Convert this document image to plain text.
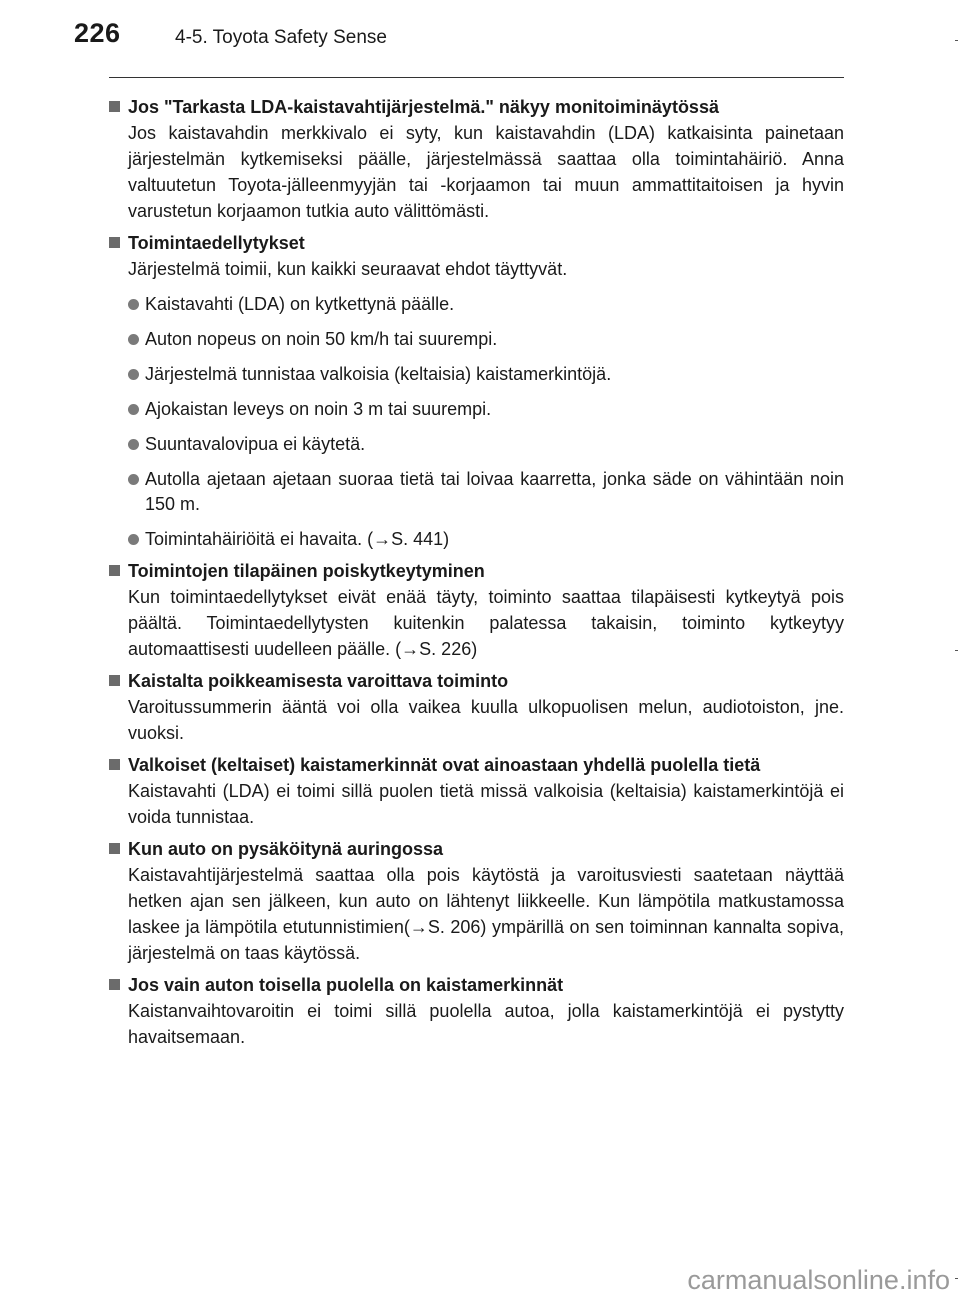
226	4-5. Toyota Safety Sense
Jos "Tarkasta LDA-kaistavahtijärjestelmä." näkyy monitoiminäytössä
Jos kaistavahdin merkkivalo ei syty, kun kaistavahdin (LDA) katkaisinta painetaan järjestelmän kytkemiseksi päälle, järjestelmässä saattaa olla toimintahäiriö. Anna valtuutetun Toyota-jälleenmyyjän tai -korjaamon tai muun ammattitaitoisen ja hyvin varustetun korjaamon tutkia auto välittömästi.
Toimintaedellytykset
Järjestelmä toimii, kun kaikki seuraavat ehdot täyttyvät.
Kaistavahti (LDA) on kytkettynä päälle.
Auton nopeus on noin 50 km/h tai suurempi.
Järjestelmä tunnistaa valkoisia (keltaisia) kaistamerkintöjä.
Ajokaistan leveys on noin 3 m tai suurempi.
Suuntavalovipua ei käytetä.
Autolla ajetaan ajetaan suoraa tietä tai loivaa kaarretta, jonka säde on vähintään noin 150 m.
Toimintahäiriöitä ei havaita. (→S. 441)
Toimintojen tilapäinen poiskytkeytyminen
Kun toimintaedellytykset eivät enää täyty, toiminto saattaa tilapäisesti kytkeytyä pois päältä. Toimintaedellytysten kuitenkin palatessa takaisin, toiminto kytkeytyy automaattisesti uudelleen päälle. (→S. 226)
Kaistalta poikkeamisesta varoittava toiminto
Varoitussummerin ääntä voi olla vaikea kuulla ulkopuolisen melun, audiotoiston, jne. vuoksi.
Valkoiset (keltaiset) kaistamerkinnät ovat ainoastaan yhdellä puolella tietä
Kaistavahti (LDA) ei toimi sillä puolen tietä missä valkoisia (keltaisia) kaistamerkintöjä ei voida tunnistaa.
Kun auto on pysäköitynä auringossa
Kaistavahtijärjestelmä saattaa olla pois käytöstä ja varoitusviesti saatetaan näyttää hetken ajan sen jälkeen, kun auto on lähtenyt liikkeelle. Kun lämpötila matkustamossa laskee ja lämpötila etutunnistimien(→S. 206) ympärillä on sen toiminnan kannalta sopiva, järjestelmä on taas käytössä.
Jos vain auton toisella puolella on kaistamerkinnät
Kaistanvaihtovaroitin ei toimi sillä puolella autoa, jolla kaistamerkintöjä ei pystytty havaitsemaan.
carmanualsonline.info
